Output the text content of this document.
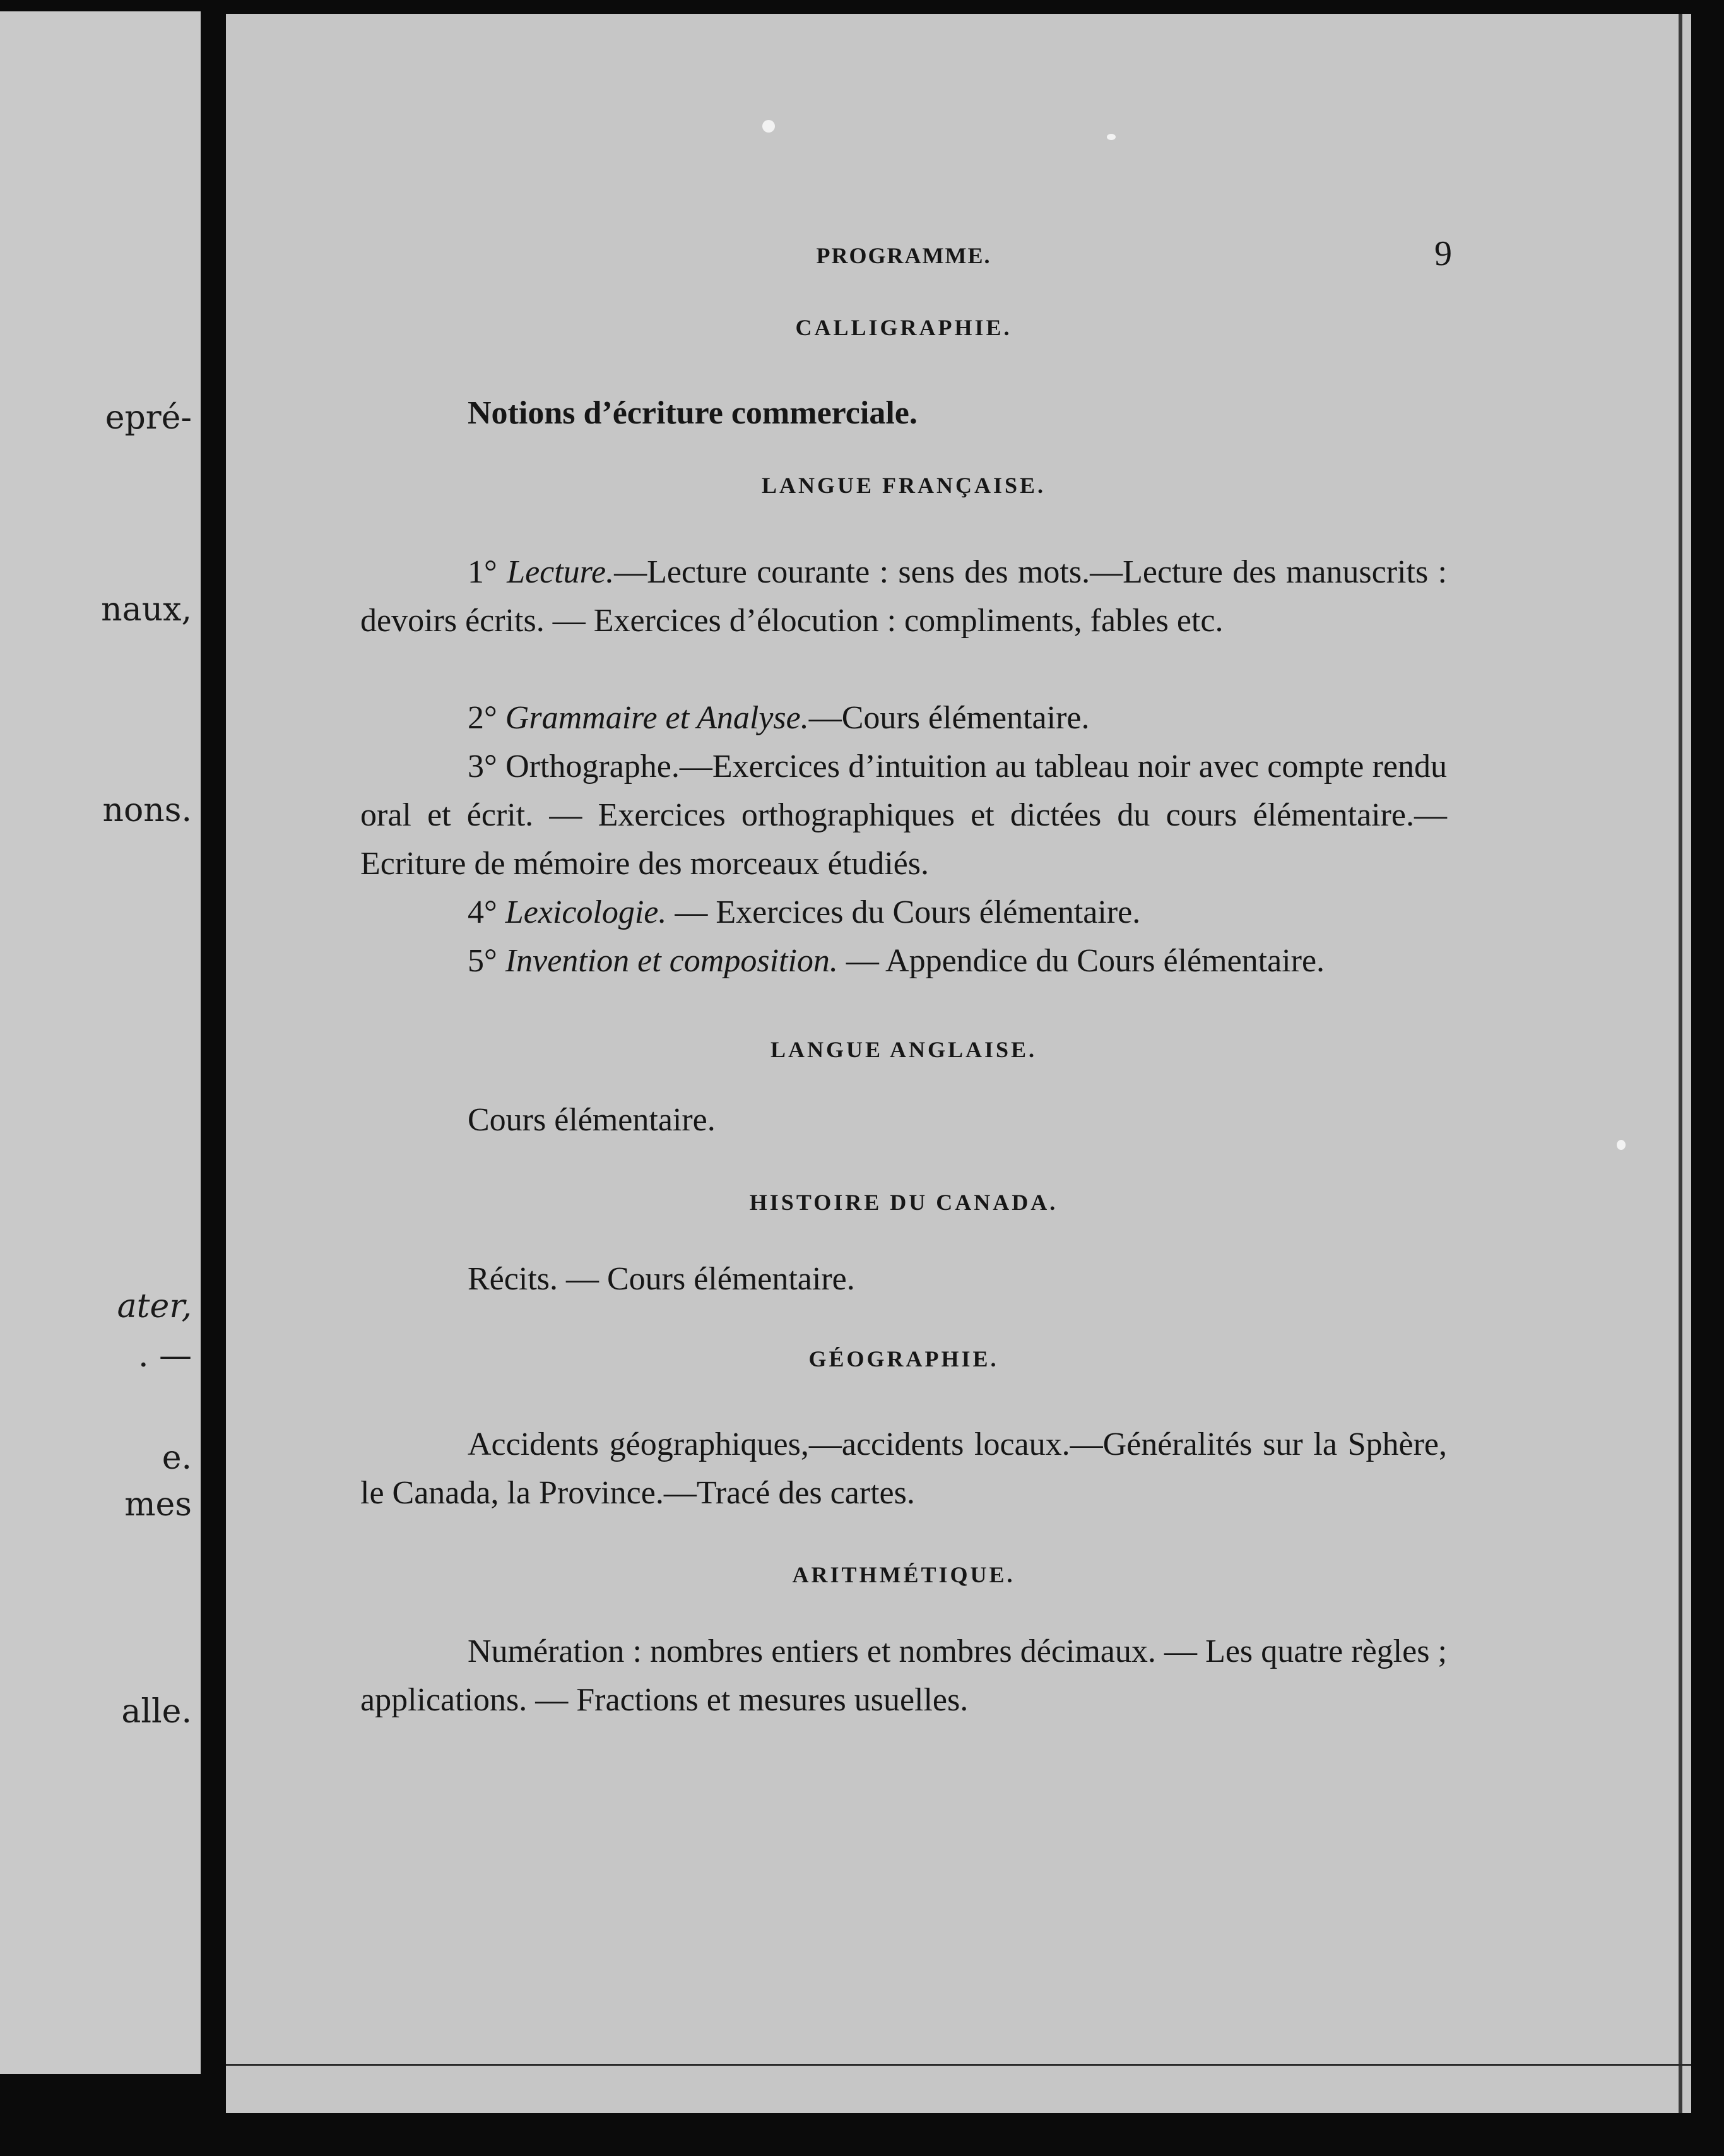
epré-
naux,
nons.
ater,
. —
e.
mes
alle.
PROGRAMME.	9
CALLIGRAPHIE.

Notions d’écriture commerciale.

LANGUE FRANÇAISE.

1° Lecture.—Lecture courante : sens des mots.—Lecture des manuscrits : devoirs écrits. — Exercices d’élocution : compliments, fables etc.

2° Grammaire et Analyse.—Cours élémentaire.

3° Orthographe.—Exercices d’intuition au tableau noir avec compte rendu oral et écrit. — Exercices orthographiques et dictées du cours élémentaire.—Ecriture de mémoire des morceaux étudiés.

4° Lexicologie. — Exercices du Cours élémentaire.

5° Invention et composition. — Appendice du Cours élémentaire.

LANGUE ANGLAISE.

Cours élémentaire.

HISTOIRE DU CANADA.

Récits. — Cours élémentaire.

GÉOGRAPHIE.

Accidents géographiques,—accidents locaux.—Généralités sur la Sphère, le Canada, la Province.—Tracé des cartes.

ARITHMÉTIQUE.

Numération : nombres entiers et nombres décimaux. — Les quatre règles ; applications. — Fractions et mesures usuelles.
